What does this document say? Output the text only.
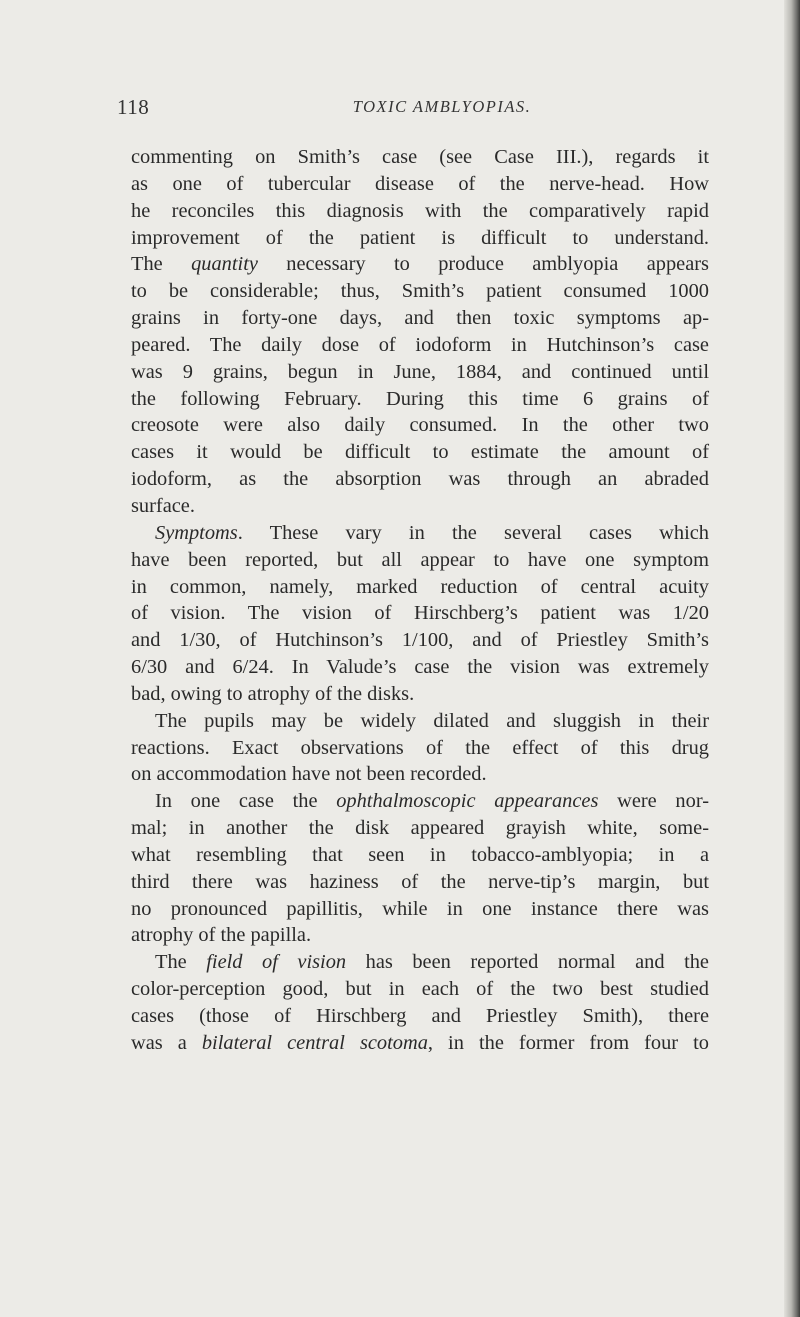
118	TOXIC AMBLYOPIAS.
commenting on Smith’s case (see Case III.), regards it
as one of tubercular disease of the nerve-head. How
he reconciles this diagnosis with the comparatively rapid
improvement of the patient is difficult to understand.
The quantity necessary to produce amblyopia appears
to be considerable; thus, Smith’s patient consumed 1000
grains in forty-one days, and then toxic symptoms ap-
peared. The daily dose of iodoform in Hutchinson’s case
was 9 grains, begun in June, 1884, and continued until
the following February. During this time 6 grains of
creosote were also daily consumed. In the other two
cases it would be difficult to estimate the amount of
iodoform, as the absorption was through an abraded
surface.
Symptoms. These vary in the several cases which
have been reported, but all appear to have one symptom
in common, namely, marked reduction of central acuity
of vision. The vision of Hirschberg’s patient was 1/20
and 1/30, of Hutchinson’s 1/100, and of Priestley Smith’s
6/30 and 6/24. In Valude’s case the vision was extremely
bad, owing to atrophy of the disks.
The pupils may be widely dilated and sluggish in their
reactions. Exact observations of the effect of this drug
on accommodation have not been recorded.
In one case the ophthalmoscopic appearances were nor-
mal; in another the disk appeared grayish white, some-
what resembling that seen in tobacco-amblyopia; in a
third there was haziness of the nerve-tip’s margin, but
no pronounced papillitis, while in one instance there was
atrophy of the papilla.
The field of vision has been reported normal and the
color-perception good, but in each of the two best studied
cases (those of Hirschberg and Priestley Smith), there
was a bilateral central scotoma, in the former from four to
